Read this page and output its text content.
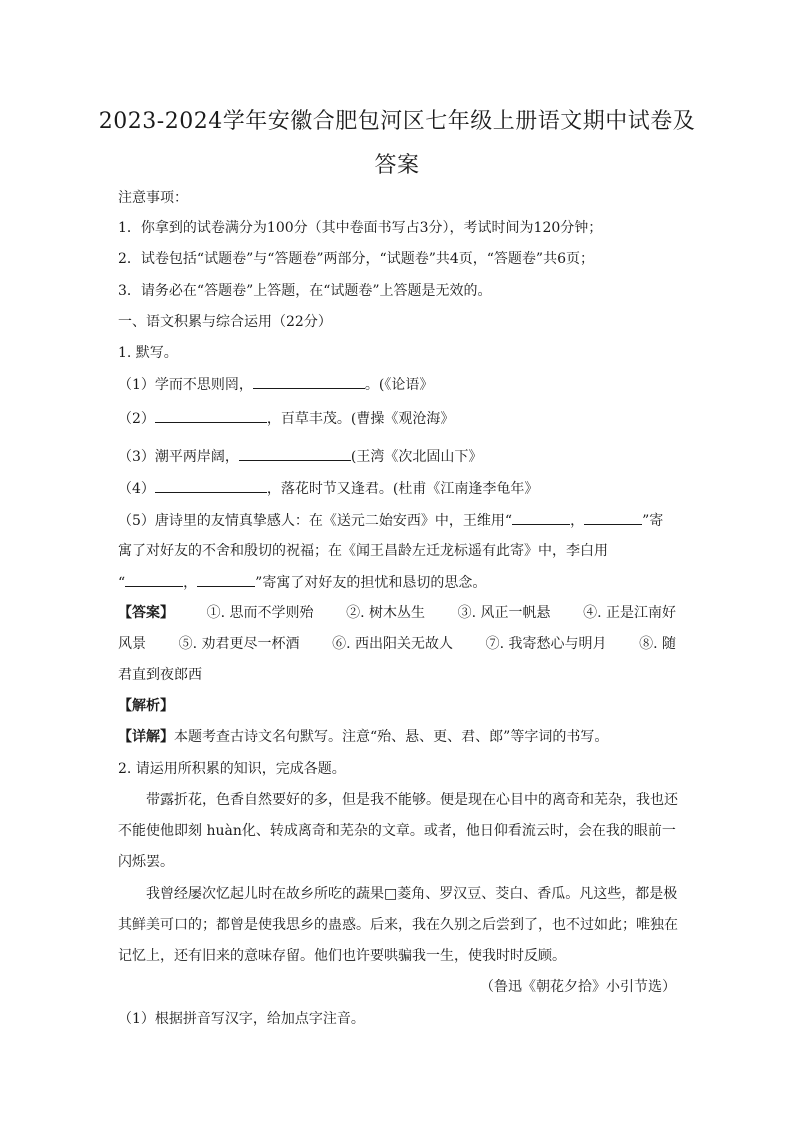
2023-2024学年安徽合肥包河区七年级上册语文期中试卷及
答案
注意事项：
1．你拿到的试卷满分为100分（其中卷面书写占3分），考试时间为120分钟；
2．试卷包括“试题卷”与“答题卷”两部分，“试题卷”共4页，“答题卷”共6页；
3．请务必在“答题卷”上答题，在“试题卷”上答题是无效的。
一、语文积累与综合运用（22分）
1. 默写。
（1）学而不思则罔，	。(《论语》
（2）	，百草丰茂。(曹操《观沧海》
（3）潮平两岸阔，	(王湾《次北固山下》
（4）	，落花时节又逢君。(杜甫《江南逢李龟年》
（5）唐诗里的友情真挚感人：在《送元二始安西》中，王维用“	，	”寄
寓了对好友的不舍和殷切的祝福；在《闻王昌龄左迁龙标遥有此寄》中，李白用
“	，	”寄寓了对好友的担忧和恳切的思念。
【答案】 ①. 思而不学则殆 ②. 树木丛生 ③. 风正一帆悬 ④. 正是江南好
风景 ⑤. 劝君更尽一杯酒 ⑥. 西出阳关无故人 ⑦. 我寄愁心与明月 ⑧. 随
君直到夜郎西
【解析】
【详解】本题考查古诗文名句默写。注意“殆、悬、更、君、郎”等字词的书写。
2. 请运用所积累的知识，完成各题。
带露折花，色香自然要好的多，但是我不能够。便是现在心目中的离奇和芜杂，我也还
不能使他即刻 huàn化、转成离奇和芜杂的文章。或者，他日仰看流云时，会在我的眼前一
闪烁罢。
我曾经屡次忆起儿时在故乡所吃的蔬果□菱角、罗汉豆、茭白、香瓜。凡这些，都是极
其鲜美可口的；都曾是使我思乡的蛊惑。后来，我在久别之后尝到了，也不过如此；唯独在
记忆上，还有旧来的意味存留。他们也许要哄骗我一生，使我时时反顾。
（鲁迅《朝花夕拾》小引节选）
（1）根据拼音写汉字，给加点字注音。
